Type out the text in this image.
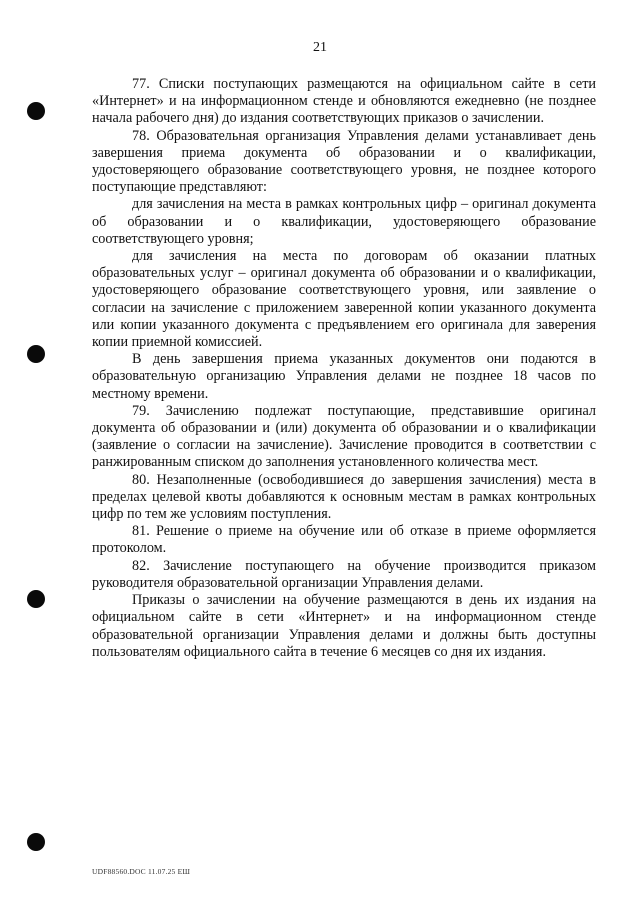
21

77. Списки поступающих размещаются на официальном сайте в сети «Интернет» и на информационном стенде и обновляются ежедневно (не позднее начала рабочего дня) до издания соответствующих приказов о зачислении.

78. Образовательная организация Управления делами устанавливает день завершения приема документа об образовании и о квалификации, удостоверяющего образование соответствующего уровня, не позднее которого поступающие представляют:

для зачисления на места в рамках контрольных цифр – оригинал документа об образовании и о квалификации, удостоверяющего образование соответствующего уровня;

для зачисления на места по договорам об оказании платных образовательных услуг – оригинал документа об образовании и о квалификации, удостоверяющего образование соответствующего уровня, или заявление о согласии на зачисление с приложением заверенной копии указанного документа или копии указанного документа с предъявлением его оригинала для заверения копии приемной комиссией.

В день завершения приема указанных документов они подаются в образовательную организацию Управления делами не позднее 18 часов по местному времени.

79. Зачислению подлежат поступающие, представившие оригинал документа об образовании и (или) документа об образовании и о квалификации (заявление о согласии на зачисление). Зачисление проводится в соответствии с ранжированным списком до заполнения установленного количества мест.

80. Незаполненные (освободившиеся до завершения зачисления) места в пределах целевой квоты добавляются к основным местам в рамках контрольных цифр по тем же условиям поступления.

81. Решение о приеме на обучение или об отказе в приеме оформляется протоколом.

82. Зачисление поступающего на обучение производится приказом руководителя образовательной организации Управления делами.

Приказы о зачислении на обучение размещаются в день их издания на официальном сайте в сети «Интернет» и на информационном стенде образовательной организации Управления делами и должны быть доступны пользователям официального сайта в течение 6 месяцев со дня их издания.

UDF88560.DOC 11.07.25 EШ
